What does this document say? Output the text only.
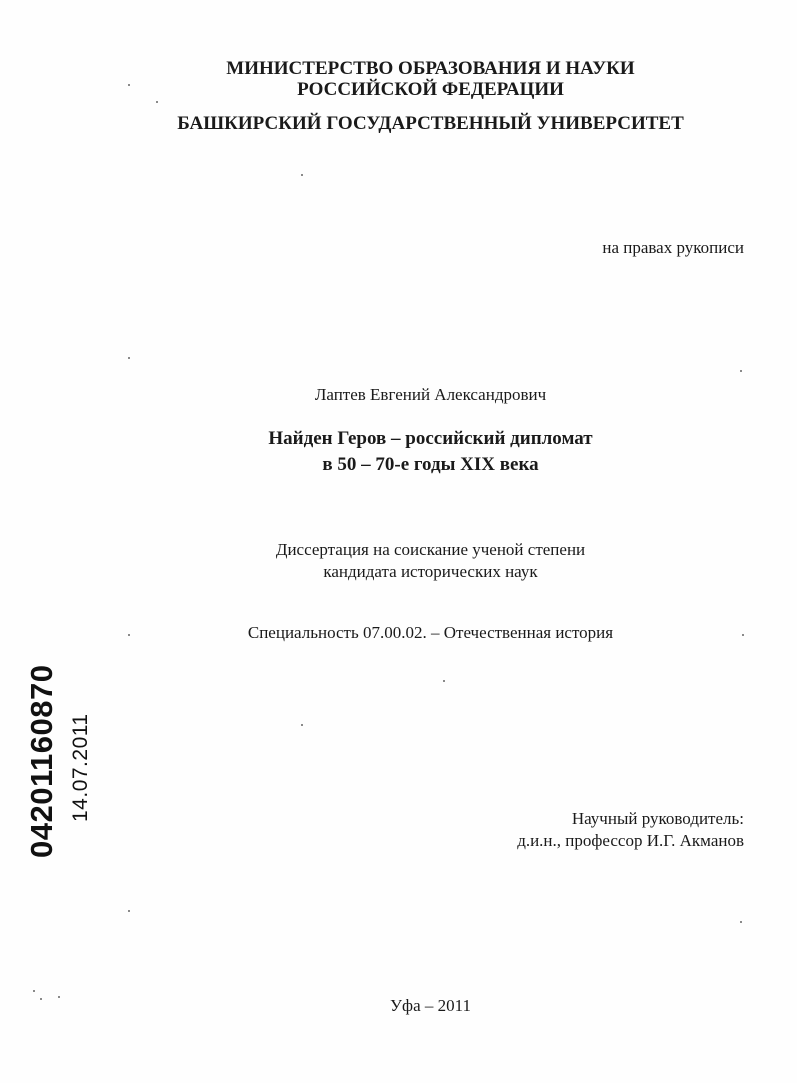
МИНИСТЕРСТВО ОБРАЗОВАНИЯ И НАУКИ
РОССИЙСКОЙ ФЕДЕРАЦИИ
БАШКИРСКИЙ ГОСУДАРСТВЕННЫЙ УНИВЕРСИТЕТ
на правах рукописи
Лаптев Евгений Александрович
Найден Геров – российский дипломат
в 50 – 70-е годы XIX века
Диссертация на соискание ученой степени
кандидата исторических наук
Специальность 07.00.02. – Отечественная история
Научный руководитель:
д.и.н., профессор И.Г. Акманов
Уфа – 2011
04201160870 14.07.2011
